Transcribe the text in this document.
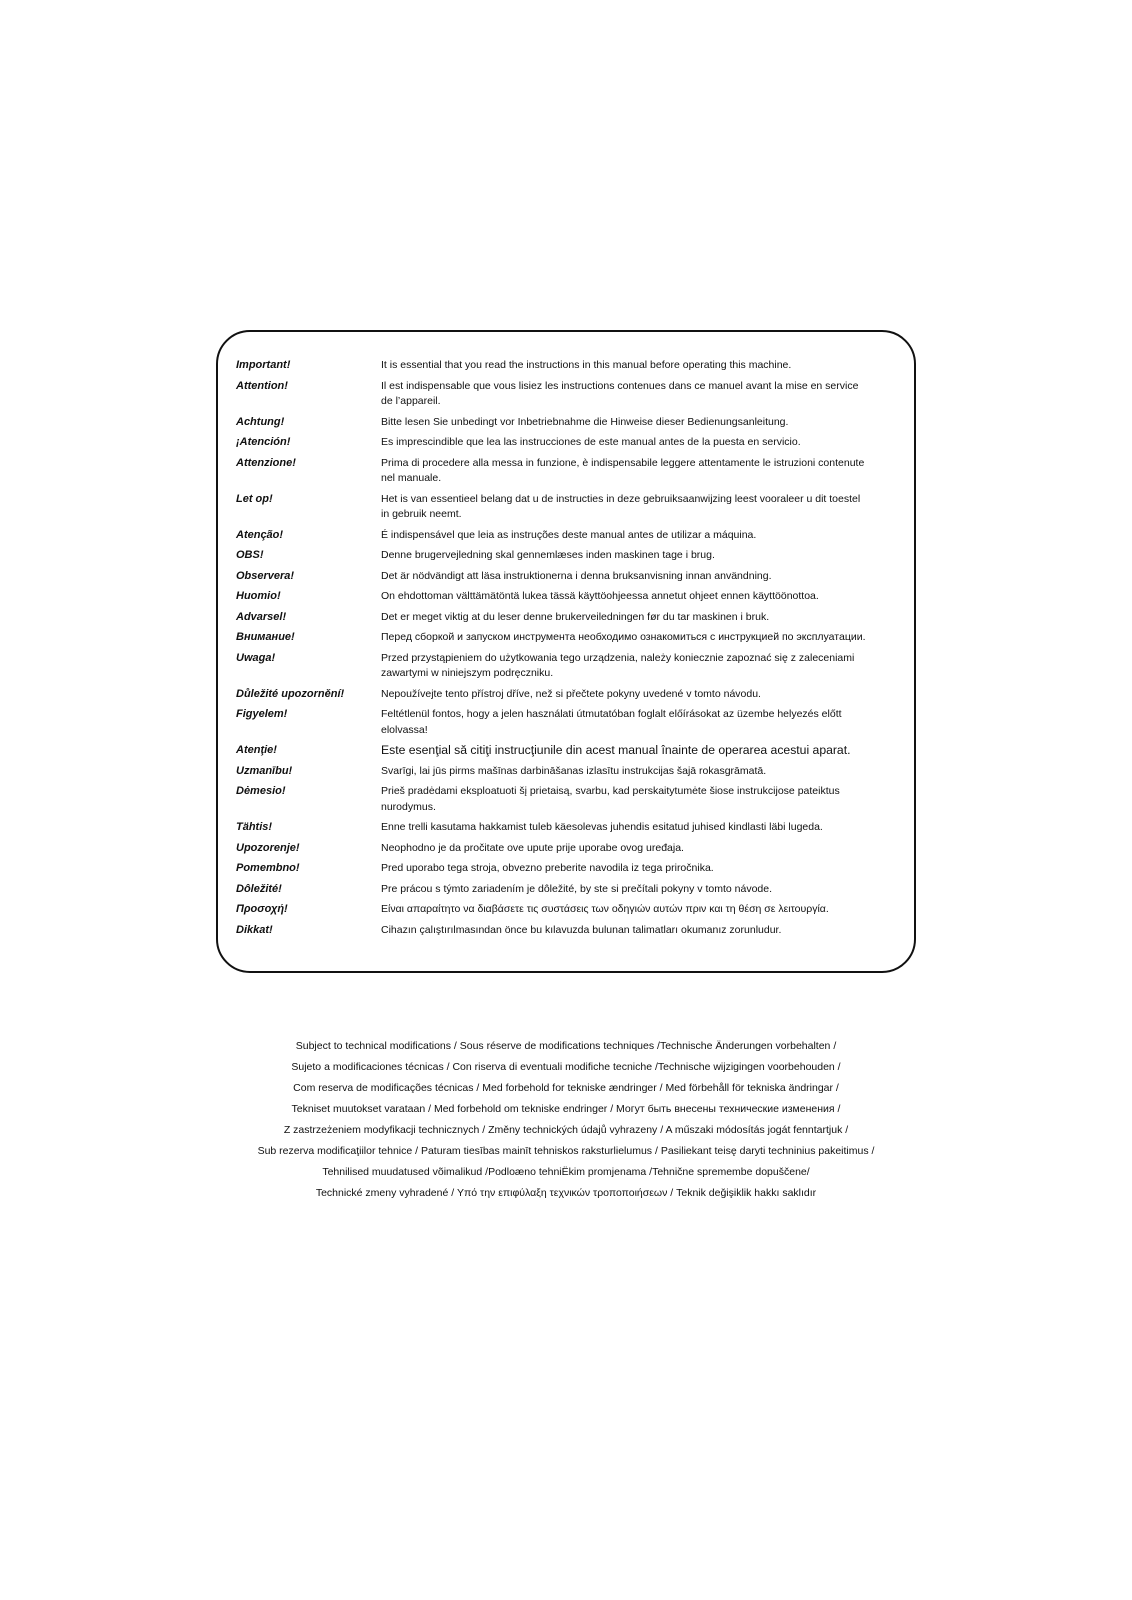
Important!	It is essential that you read the instructions in this manual before operating this machine.
Attention!	Il est indispensable que vous lisiez les instructions contenues dans ce manuel avant la mise en service
de l’appareil.
Achtung!	Bitte lesen Sie unbedingt vor Inbetriebnahme die Hinweise dieser Bedienungsanleitung.
¡Atención!	Es imprescindible que lea las instrucciones de este manual antes de la puesta en servicio.
Attenzione!	Prima di procedere alla messa in funzione, è indispensabile leggere attentamente le istruzioni contenute
nel manuale.
Let op!	Het is van essentieel belang dat u de instructies in deze gebruiksaanwijzing leest vooraleer u dit toestel
in gebruik neemt.
Atenção!	É indispensável que leia as instruções deste manual antes de utilizar a máquina.
OBS!	Denne brugervejledning skal gennemlæses inden maskinen tage i brug.
Observera!	Det är nödvändigt att läsa instruktionerna i denna bruksanvisning innan användning.
Huomio!	On ehdottoman välttämätöntä lukea tässä käyttöohjeessa annetut ohjeet ennen käyttöönottoa.
Advarsel!	Det er meget viktig at du leser denne brukerveiledningen før du tar maskinen i bruk.
Внимание!	Перед сборкой и запуском инструмента необходимо ознакомиться с инструкцией по эксплуатации.
Uwaga!	Przed przystąpieniem do użytkowania tego urządzenia, należy koniecznie zapoznać się z zaleceniami
zawartymi w niniejszym podręczniku.
Důležité upozornění!	Nepoužívejte tento přístroj dříve, než si přečtete pokyny uvedené v tomto návodu.
Figyelem!	Feltétlenül fontos, hogy a jelen használati útmutatóban foglalt előírásokat az üzembe helyezés előtt
elolvassa!
Atenţie!	Este esenţial să citiţi instrucţiunile din acest manual înainte de operarea acestui aparat.
Uzmanību!	Svarīgi, lai jūs pirms mašīnas darbināšanas izlasītu instrukcijas šajā rokasgrāmatā.
Dėmesio!	Prieš pradėdami eksploatuoti šį prietaisą, svarbu, kad perskaitytumėte šiose instrukcijose pateiktus
nurodymus.
Tähtis!	Enne trelli kasutama hakkamist tuleb käesolevas juhendis esitatud juhised kindlasti läbi lugeda.
Upozorenje!	Neophodno je da pročitate ove upute prije uporabe ovog uređaja.
Pomembno!	Pred uporabo tega stroja, obvezno preberite navodila iz tega priročnika.
Dôležité!	Pre prácou s týmto zariadením je dôležité, by ste si prečítali pokyny v tomto návode.
Προσοχή!	Είναι απαραίτητο να διαβάσετε τις συστάσεις των οδηγιών αυτών πριν και τη θέση σε λειτουργία.
Dikkat!	Cihazın çalıştırılmasından önce bu kılavuzda bulunan talimatları okumanız zorunludur.
Subject to technical modifications / Sous réserve de modifications techniques /Technische Änderungen vorbehalten /
Sujeto a modificaciones técnicas / Con riserva di eventuali modifiche tecniche /Technische wijzigingen voorbehouden /
Com reserva de modificações técnicas / Med forbehold for tekniske ændringer / Med förbehåll för tekniska ändringar /
Tekniset muutokset varataan / Med forbehold om tekniske endringer / Могут быть внесены технические изменения /
Z zastrzeżeniem modyfikacji technicznych / Změny technických údajů vyhrazeny / A műszaki módosítás jogát fenntartjuk /
Sub rezerva modificaţiilor tehnice / Paturam tiesības mainīt tehniskos raksturlielumus / Pasiliekant teisę daryti techninius pakeitimus /
Tehnilised muudatused võimalikud /Podloæno tehniËkim promjenama /Tehnične spremembe dopuščene/
Technické zmeny vyhradené / Υπό την επιφύλαξη τεχνικών τροποποιήσεων / Teknik değişiklik hakkı saklıdır
